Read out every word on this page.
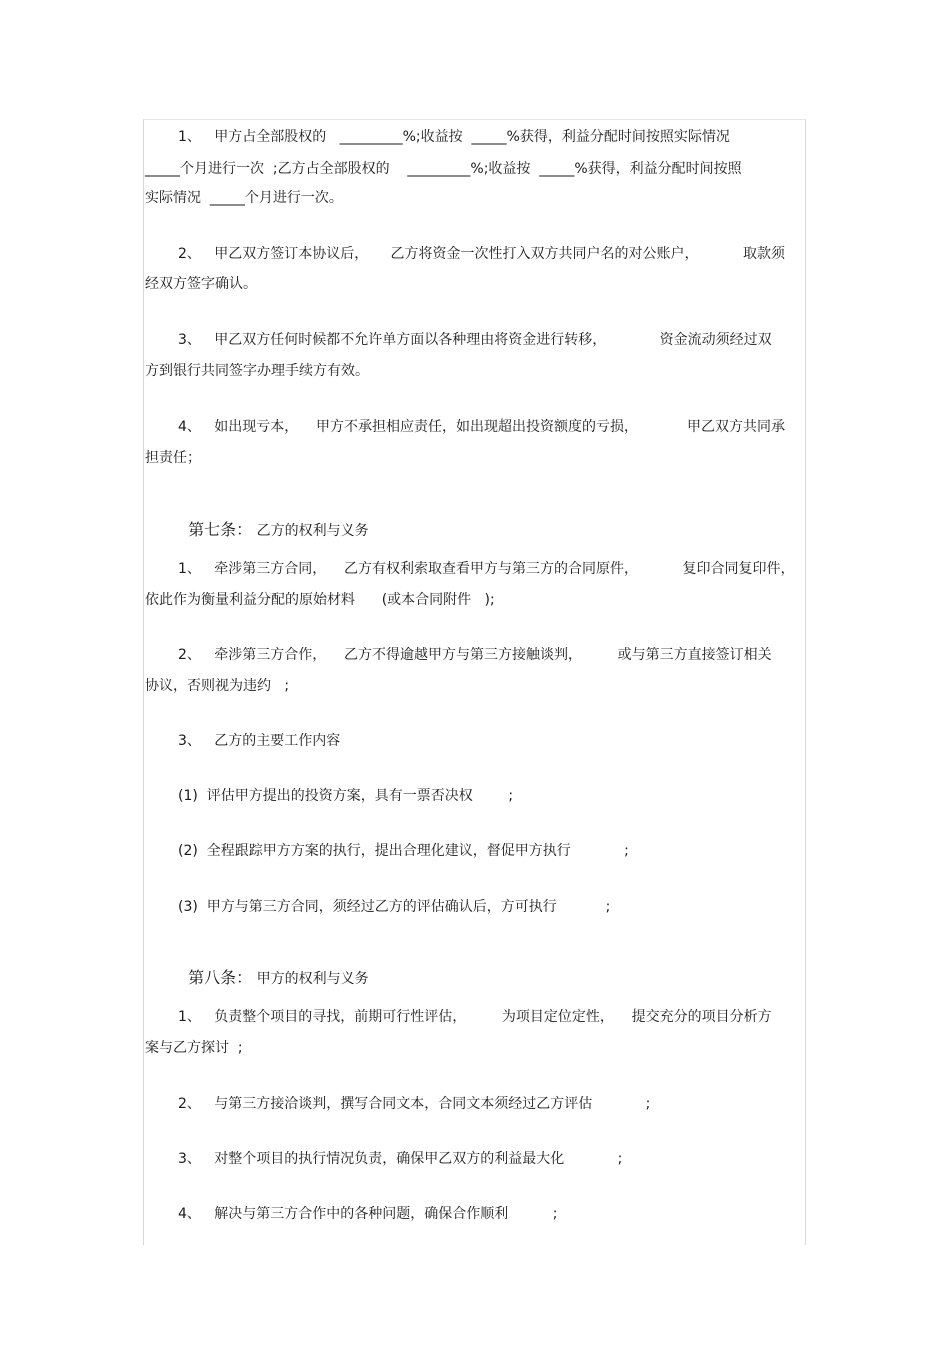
1、   甲方占全部股权的   _________%;收益按  _____%获得，利益分配时间按照实际情况
_____个月进行一次  ;乙方占全部股权的    _________%;收益按  _____%获得，利益分配时间按照
实际情况  _____个月进行一次。
2、   甲乙双方签订本协议后，     乙方将资金一次性打入双方共同户名的对公账户，          取款须
经双方签字确认。
3、   甲乙双方任何时候都不允许单方面以各种理由将资金进行转移，            资金流动须经过双
方到银行共同签字办理手续方有效。
4、   如出现亏本，    甲方不承担相应责任，如出现超出投资额度的亏损，           甲乙双方共同承
担责任；

第七条： 乙方的权利与义务

1、   牵涉第三方合同，    乙方有权利索取查看甲方与第三方的合同原件，          复印合同复印件，
依此作为衡量利益分配的原始材料      (或本合同附件   );
2、   牵涉第三方合作，    乙方不得逾越甲方与第三方接触谈判，        或与第三方直接签订相关
协议，否则视为违约   ;
3、   乙方的主要工作内容
(1)  评估甲方提出的投资方案，具有一票否决权        ;
(2)  全程跟踪甲方方案的执行，提出合理化建议，督促甲方执行            ;
(3)  甲方与第三方合同，须经过乙方的评估确认后，方可执行           ;

第八条： 甲方的权利与义务

1、   负责整个项目的寻找，前期可行性评估，        为项目定位定性，    提交充分的项目分析方
案与乙方探讨  ;
2、   与第三方接洽谈判，撰写合同文本，合同文本须经过乙方评估            ;
3、   对整个项目的执行情况负责，确保甲乙双方的利益最大化            ;
4、   解决与第三方合作中的各种问题，确保合作顺利          ;
